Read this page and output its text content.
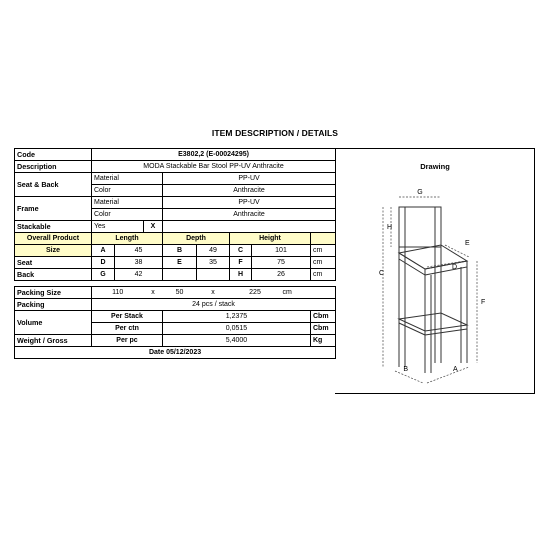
ITEM DESCRIPTION / DETAILS
Code	E3802,2 (E-00024295)								
Description	MODA Stackable Bar Stool PP-UV Anthracite								
Seat & Back	Material			PP-UV					
	Color			Anthracite					
Frame	Material			PP-UV					
	Color			Anthracite					
Stackable	Yes		X						
Overall Product	Length			Depth		Height			
Size	A	45		B	49	C	101		cm
Seat	D	38		E	35	F	75		cm
Back	G	42				H	26		cm

Packing Size	110		x	50	x	225		cm	
Packing	24 pcs / stack								
Volume	Per Stack			1,2375					Cbm
	Per ctn			0,0515					Cbm
Weight / Gross	Per pc			5,4000					Kg
Date 05/12/2023									
Drawing
G
H
C
E
D
F
B	A
